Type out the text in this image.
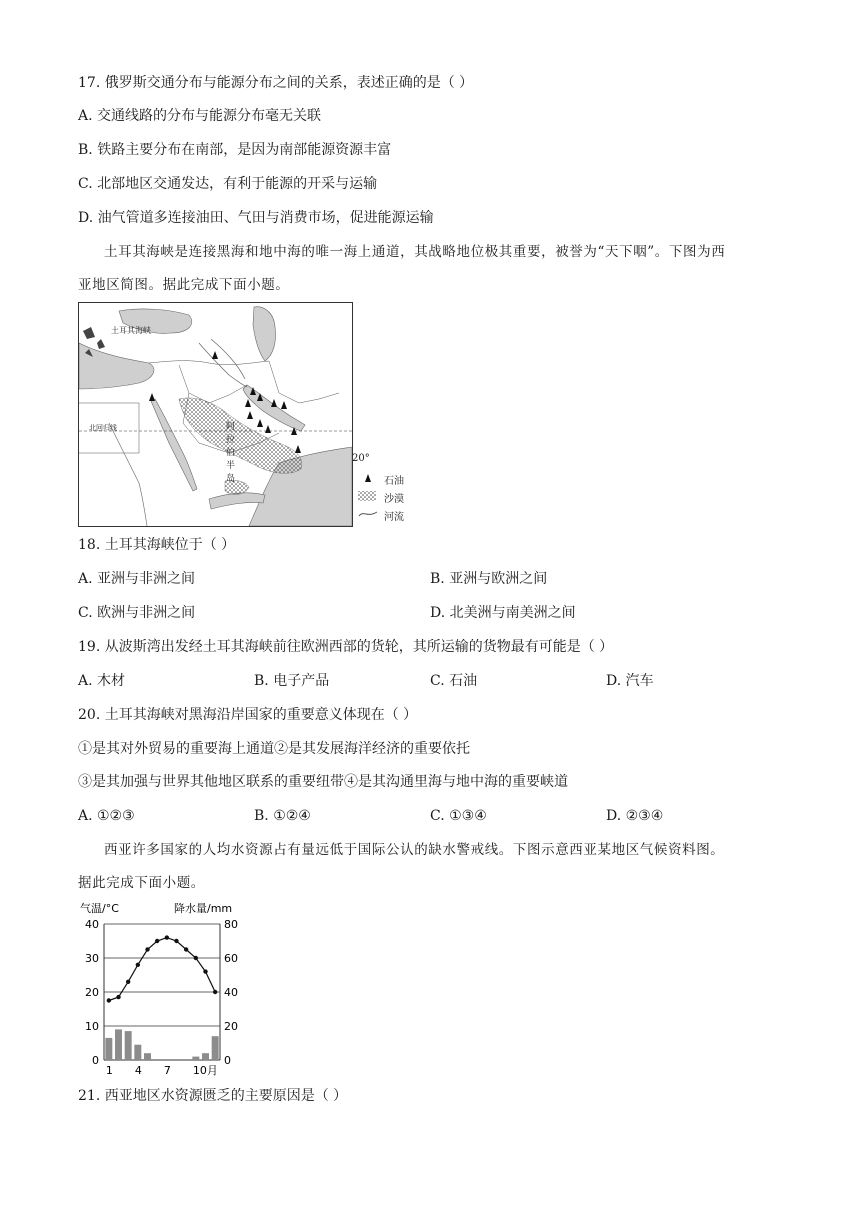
17. 俄罗斯交通分布与能源分布之间的关系，表述正确的是（ ）
A. 交通线路的分布与能源分布毫无关联
B. 铁路主要分布在南部，是因为南部能源资源丰富
C. 北部地区交通发达，有利于能源的开采与运输
D. 油气管道多连接油田、气田与消费市场，促进能源运输
土耳其海峡是连接黑海和地中海的唯一海上通道，其战略地位极其重要，被誉为“天下咽”。下图为西
亚地区简图。据此完成下面小题。
土耳其海峡
北回归线	阿拉伯半岛	20°
石油
沙漠
河流
18. 土耳其海峡位于（ ）
A. 亚洲与非洲之间	B. 亚洲与欧洲之间
C. 欧洲与非洲之间	D. 北美洲与南美洲之间
19. 从波斯湾出发经土耳其海峡前往欧洲西部的货轮，其所运输的货物最有可能是（ ）
A. 木材	B. 电子产品	C. 石油	D. 汽车
20. 土耳其海峡对黑海沿岸国家的重要意义体现在（ ）
①是其对外贸易的重要海上通道②是其发展海洋经济的重要依托
③是其加强与世界其他地区联系的重要纽带④是其沟通里海与地中海的重要峡道
A. ①②③	B. ①②④	C. ①③④	D. ②③④
西亚许多国家的人均水资源占有量远低于国际公认的缺水警戒线。下图示意西亚某地区气候资料图。
据此完成下面小题。
气温/°C	降水量/mm
40	80
30	60
20	40
10	20
0	0
1 4 7 10月
21. 西亚地区水资源匮乏的主要原因是（ ）
